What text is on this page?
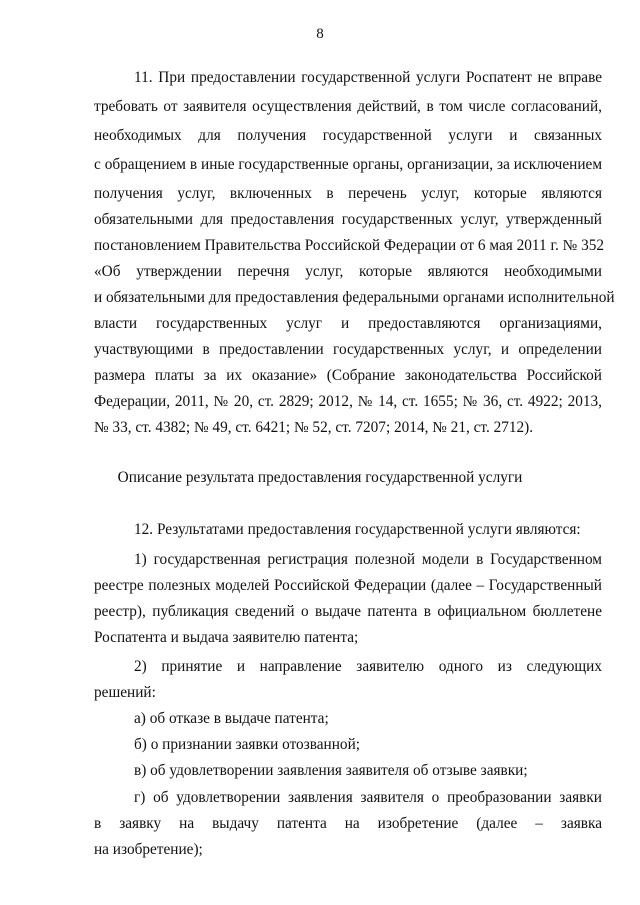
8
11. При предоставлении государственной услуги Роспатент не вправе
требовать от заявителя осуществления действий, в том числе согласований,
необходимых для получения государственной услуги и связанных
с обращением в иные государственные органы, организации, за исключением
получения услуг, включенных в перечень услуг, которые являются
обязательными для предоставления государственных услуг, утвержденный
постановлением Правительства Российской Федерации от 6 мая 2011 г. № 352
«Об утверждении перечня услуг, которые являются необходимыми
и обязательными для предоставления федеральными органами исполнительной
власти государственных услуг и предоставляются организациями,
участвующими в предоставлении государственных услуг, и определении
размера платы за их оказание» (Собрание законодательства Российской
Федерации, 2011, № 20, ст. 2829; 2012, № 14, ст. 1655; № 36, ст. 4922; 2013,
№ 33, ст. 4382; № 49, ст. 6421; № 52, ст. 7207; 2014, № 21, ст. 2712).
Описание результата предоставления государственной услуги
12. Результатами предоставления государственной услуги являются:
1) государственная регистрация полезной модели в Государственном
реестре полезных моделей Российской Федерации (далее – Государственный
реестр), публикация сведений о выдаче патента в официальном бюллетене
Роспатента и выдача заявителю патента;
2) принятие и направление заявителю одного из следующих
решений:
а) об отказе в выдаче патента;
б) о признании заявки отозванной;
в) об удовлетворении заявления заявителя об отзыве заявки;
г) об удовлетворении заявления заявителя о преобразовании заявки
в заявку на выдачу патента на изобретение (далее – заявка
на изобретение);
